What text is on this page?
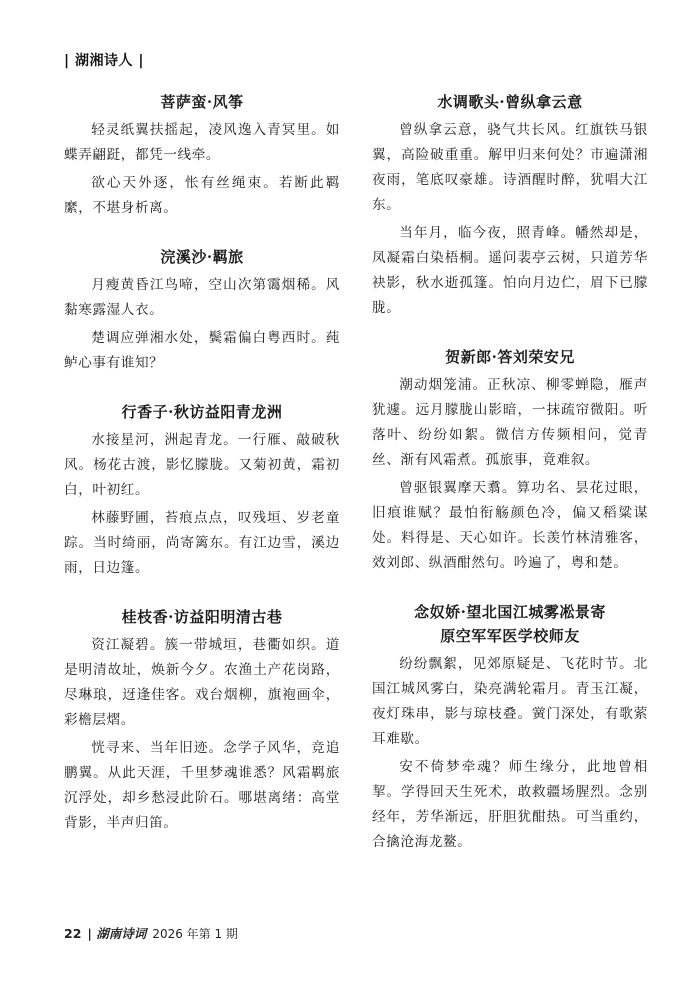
| 湖湘诗人 |
菩萨蛮·风筝

轻灵纸翼扶摇起，凌风逸入青冥里。如蝶弄翩跹，都凭一线牵。

欲心天外逐，怅有丝绳束。若断此羁縻，不堪身析离。

浣溪沙·羁旅

月瘦黄昏江鸟啼，空山次第霭烟稀。风黏寒露湿人衣。

楚调应弹湘水处，鬓霜偏白粤西时。莼鲈心事有谁知？

行香子·秋访益阳青龙洲

水接星河，洲起青龙。一行雁、敲破秋风。杨花古渡，影忆朦胧。又菊初黄，霜初白，叶初红。

林藤野圃，苔痕点点，叹残垣、岁老童踪。当时绮丽，尚寄篱东。有江边雪，溪边雨，日边篷。

桂枝香·访益阳明清古巷

资江凝碧。簇一带城垣，巷衢如织。道是明清故址，焕新今夕。农渔土产花岗路，尽琳琅，迓逢佳客。戏台烟柳，旗袍画伞，彩檐层熠。

恍寻来、当年旧迹。念学子风华，竞追鹏翼。从此天涯，千里梦魂谁悉？风霜羁旅沉浮处，却乡愁浸此阶石。哪堪离绪：高堂背影，半声归笛。

水调歌头·曾纵拿云意

曾纵拿云意，骁气共长风。红旗铁马银翼，高险破重重。解甲归来何处？市遍潇湘夜雨，笔底叹豪雄。诗酒醒时醉，犹唱大江东。

当年月，临今夜，照青峰。幡然却是，凤凝霜白染梧桐。遥问裴亭云树，只道芳华袂影，秋水逝孤篷。怕向月边伫，眉下已朦胧。

贺新郎·答刘荣安兄

潮动烟笼浦。正秋凉、柳零蝉隐，雁声犹遽。远月朦胧山影暗，一抹疏帘微阳。听落叶、纷纷如絮。微信方传频相问，觉青丝、渐有风霜煮。孤旅事，竟难叙。

曾驱银翼摩天翥。算功名、昙花过眼，旧痕谁赋？最怕衔觞颜色冷，偏又稻粱谋处。料得是、天心如许。长羡竹林清雅客，效刘郎、纵酒酣然句。吟遍了，粤和楚。

念奴娇·望北国江城雾凇景寄
原空军军医学校师友

纷纷飘絮，见郊原疑是、飞花时节。北国江城风雾白，染亮满轮霜月。青玉江凝，夜灯珠串，影与琼枝叠。黉门深处，有歌萦耳难歇。

安不倚梦牵魂？师生缘分，此地曾相挈。学得回天生死术，敢救疆场腥烈。念别经年，芳华渐远，肝胆犹酣热。可当重约，合擒沧海龙鳌。

22 | 湖南诗词 2026 年第 1 期
